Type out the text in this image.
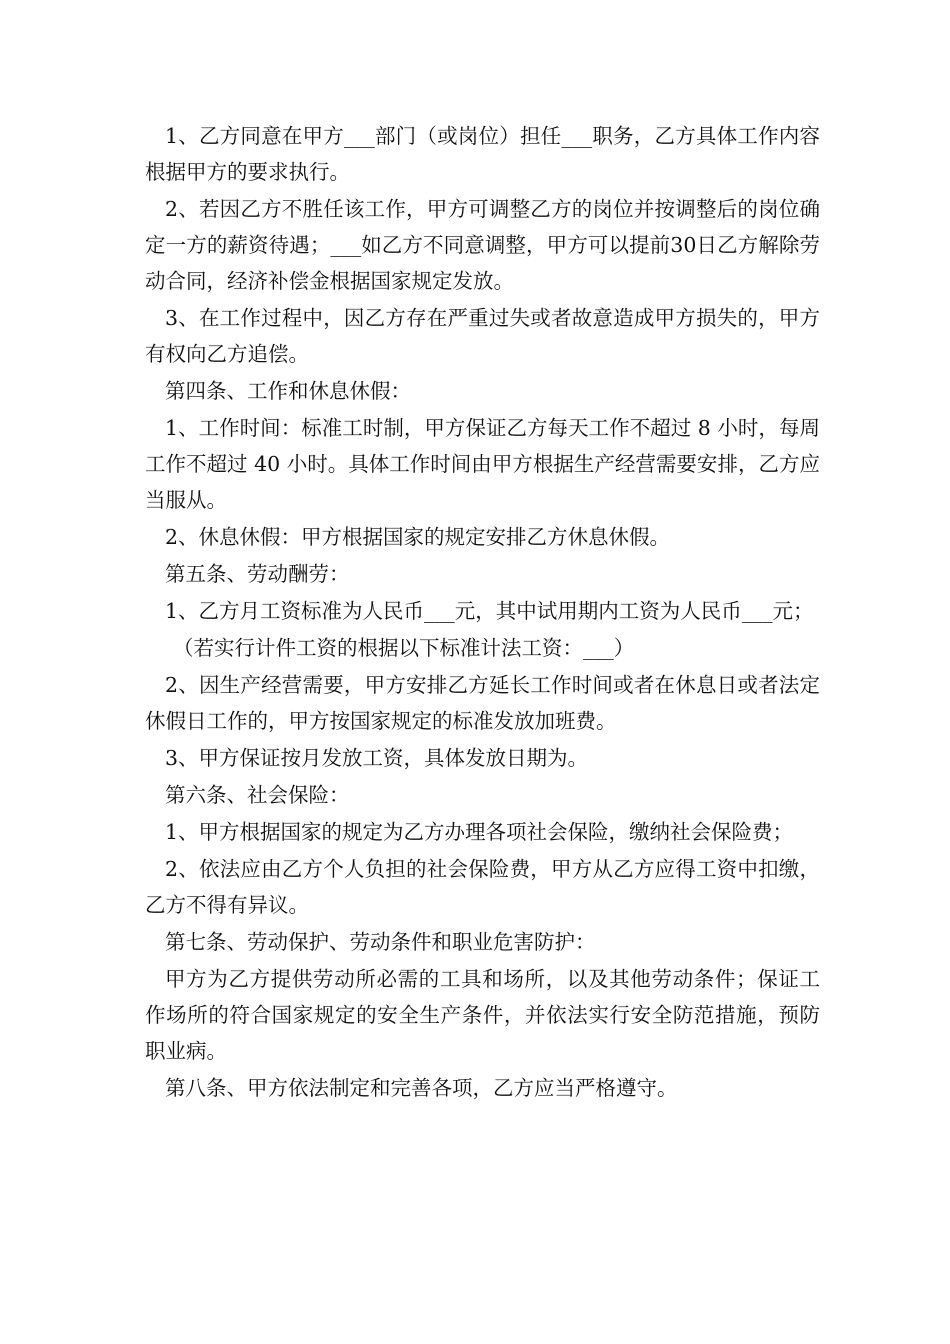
1、乙方同意在甲方___部门（或岗位）担任___职务，乙方具体工作内容根据甲方的要求执行。
2、若因乙方不胜任该工作，甲方可调整乙方的岗位并按调整后的岗位确定一方的薪资待遇；___如乙方不同意调整，甲方可以提前30日乙方解除劳动合同，经济补偿金根据国家规定发放。
3、在工作过程中，因乙方存在严重过失或者故意造成甲方损失的，甲方有权向乙方追偿。
第四条、工作和休息休假：
1、工作时间：标准工时制，甲方保证乙方每天工作不超过 8 小时，每周工作不超过 40 小时。具体工作时间由甲方根据生产经营需要安排，乙方应当服从。
2、休息休假：甲方根据国家的规定安排乙方休息休假。
第五条、劳动酬劳：
1、乙方月工资标准为人民币___元，其中试用期内工资为人民币___元；
（若实行计件工资的根据以下标准计法工资：___）
2、因生产经营需要，甲方安排乙方延长工作时间或者在休息日或者法定休假日工作的，甲方按国家规定的标准发放加班费。
3、甲方保证按月发放工资，具体发放日期为。
第六条、社会保险：
1、甲方根据国家的规定为乙方办理各项社会保险，缴纳社会保险费；
2、依法应由乙方个人负担的社会保险费，甲方从乙方应得工资中扣缴，乙方不得有异议。
第七条、劳动保护、劳动条件和职业危害防护：
甲方为乙方提供劳动所必需的工具和场所，以及其他劳动条件；保证工作场所的符合国家规定的安全生产条件，并依法实行安全防范措施，预防职业病。
第八条、甲方依法制定和完善各项，乙方应当严格遵守。
